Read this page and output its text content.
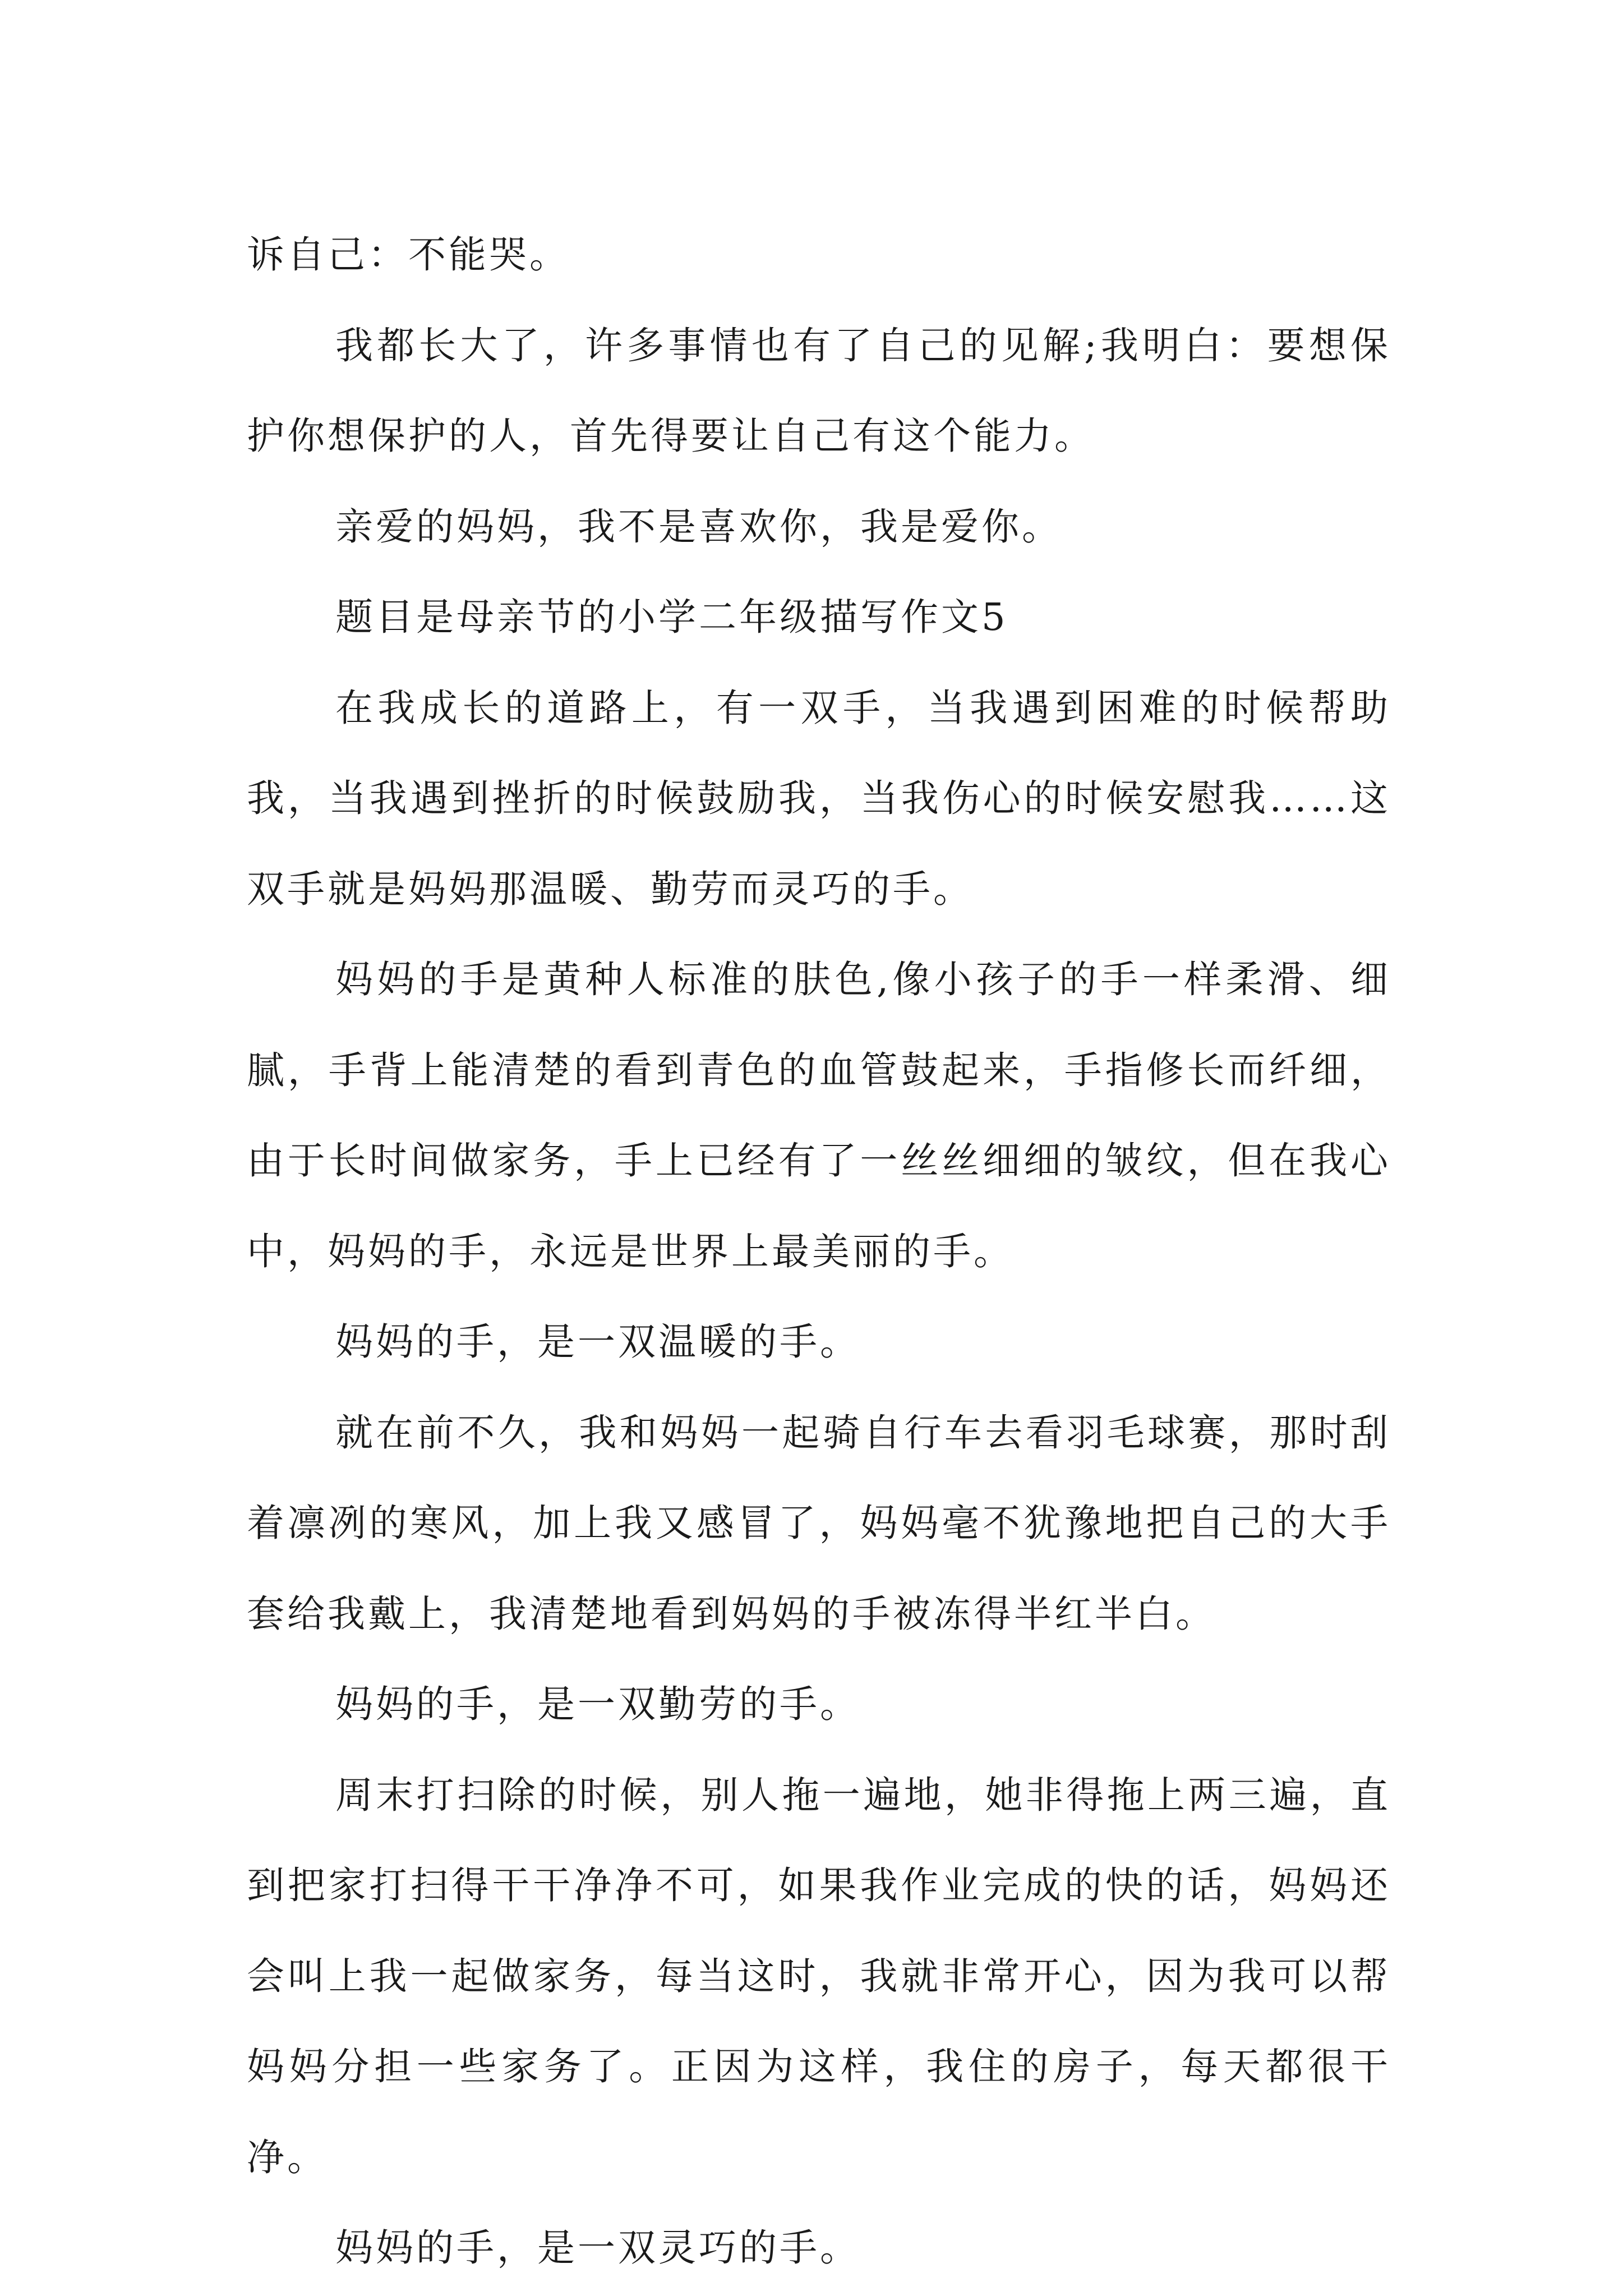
诉自己：不能哭。

我都长大了，许多事情也有了自己的见解;我明白：要想保护你想保护的人，首先得要让自己有这个能力。

亲爱的妈妈，我不是喜欢你，我是爱你。

题目是母亲节的小学二年级描写作文5

在我成长的道路上，有一双手，当我遇到困难的时候帮助我，当我遇到挫折的时候鼓励我，当我伤心的时候安慰我……这双手就是妈妈那温暖、勤劳而灵巧的手。

妈妈的手是黄种人标准的肤色,像小孩子的手一样柔滑、细腻，手背上能清楚的看到青色的血管鼓起来，手指修长而纤细，由于长时间做家务，手上已经有了一丝丝细细的皱纹，但在我心中，妈妈的手，永远是世界上最美丽的手。

妈妈的手，是一双温暖的手。

就在前不久，我和妈妈一起骑自行车去看羽毛球赛，那时刮着凛冽的寒风，加上我又感冒了，妈妈毫不犹豫地把自己的大手套给我戴上，我清楚地看到妈妈的手被冻得半红半白。

妈妈的手，是一双勤劳的手。

周末打扫除的时候，别人拖一遍地，她非得拖上两三遍，直到把家打扫得干干净净不可，如果我作业完成的快的话，妈妈还会叫上我一起做家务，每当这时，我就非常开心，因为我可以帮妈妈分担一些家务了。正因为这样，我住的房子，每天都很干净。

妈妈的手，是一双灵巧的手。
